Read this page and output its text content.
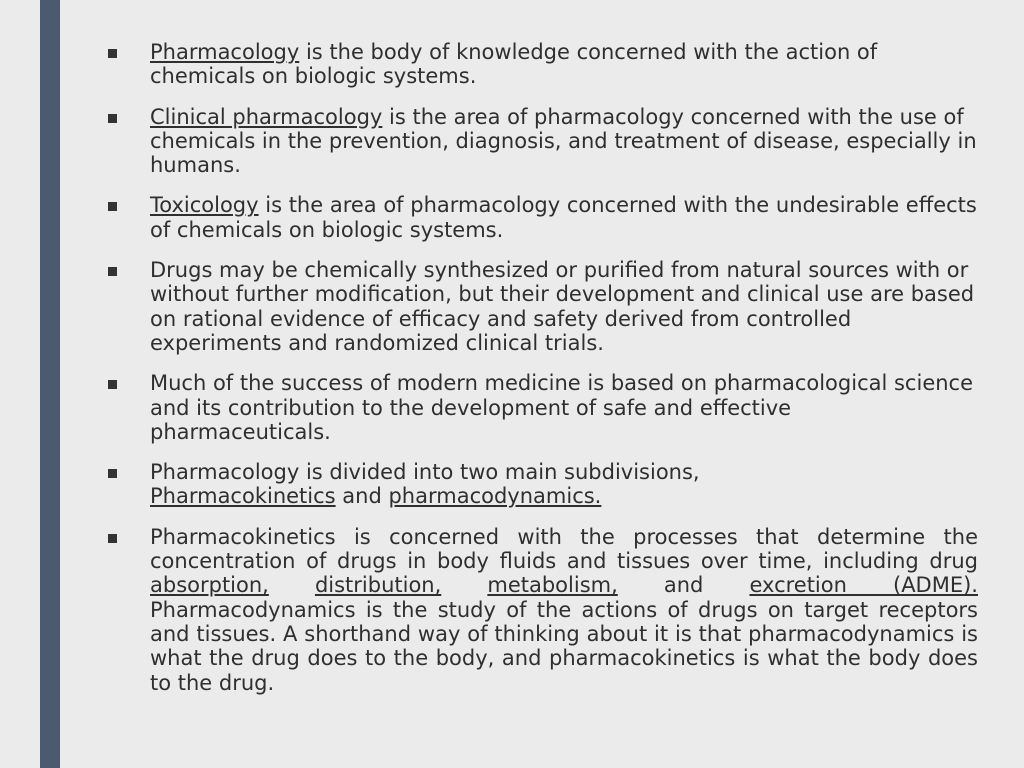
Pharmacology is the body of knowledge concerned with the action of chemicals on biologic systems.
Clinical pharmacology is the area of pharmacology concerned with the use of chemicals in the prevention, diagnosis, and treatment of disease, especially in humans.
Toxicology is the area of pharmacology concerned with the undesirable effects of chemicals on biologic systems.
Drugs may be chemically synthesized or purified from natural sources with or without further modification, but their development and clinical use are based on rational evidence of efficacy and safety derived from controlled experiments and randomized clinical trials.
Much of the success of modern medicine is based on pharmacological science and its contribution to the development of safe and effective pharmaceuticals.
Pharmacology is divided into two main subdivisions,
Pharmacokinetics and pharmacodynamics.
Pharmacokinetics is concerned with the processes that determine the concentration of drugs in body fluids and tissues over time, including drug absorption, distribution, metabolism, and excretion (ADME). Pharmacodynamics is the study of the actions of drugs on target receptors and tissues. A shorthand way of thinking about it is that pharmacodynamics is what the drug does to the body, and pharmacokinetics is what the body does to the drug.
